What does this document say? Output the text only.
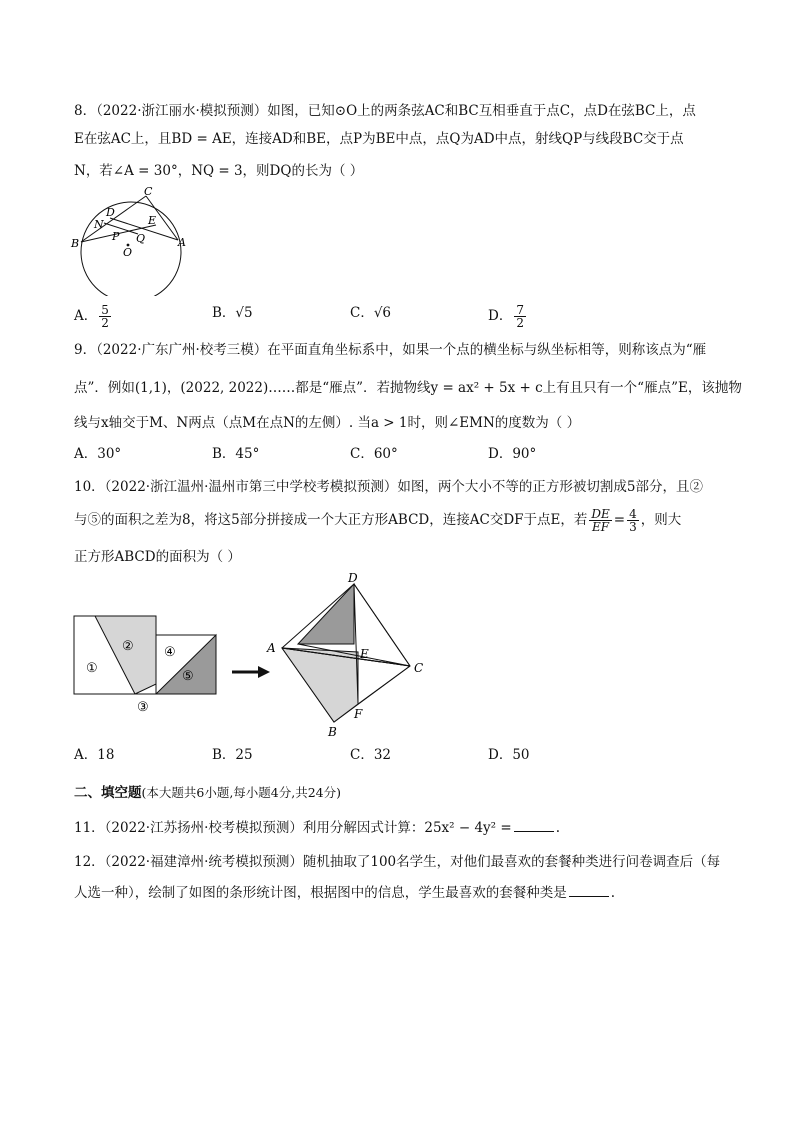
8．（2022·浙江丽水·模拟预测）如图，已知⊙O上的两条弦AC和BC互相垂直于点C，点D在弦BC上，点
E在弦AC上，且BD = AE，连接AD和BE，点P为BE中点，点Q为AD中点，射线QP与线段BC交于点
N，若∠A = 30°，NQ = 3，则DQ的长为（ ）
C
D
N	E
P Q
B	A
O
A． $\frac{5}{2}$	B．√5	C．√6	D． $\frac{7}{2}$
9．（2022·广东广州·校考三模）在平面直角坐标系中，如果一个点的横坐标与纵坐标相等，则称该点为“雁
点”．例如(1,1)，(2022, 2022)……都是“雁点”．若抛物线y = ax² + 5x + c上有且只有一个“雁点”E，该抛物
线与x轴交于M、N两点（点M在点N的左侧）. 当a > 1时，则∠EMN的度数为（ ）
A．30°	B．45°	C．60°	D．90°
10．（2022·浙江温州·温州市第三中学校考模拟预测）如图，两个大小不等的正方形被切割成5部分，且②
与⑤的面积之差为8，将这5部分拼接成一个大正方形ABCD，连接AC交DF于点E，若 $\frac{DE}{EF} = \frac{4}{3}$ ，则大
正方形ABCD的面积为（ ）
①
②
③
④
⑤
D
A	E
C
F
B
A．18	B．25	C．32	D．50
二、填空题(本大题共6小题,每小题4分,共24分)
11．（2022·江苏扬州·校考模拟预测）利用分解因式计算：25x² − 4y² =	.
12．（2022·福建漳州·统考模拟预测）随机抽取了100名学生，对他们最喜欢的套餐种类进行问卷调查后（每
人选一种），绘制了如图的条形统计图，根据图中的信息，学生最喜欢的套餐种类是	.
